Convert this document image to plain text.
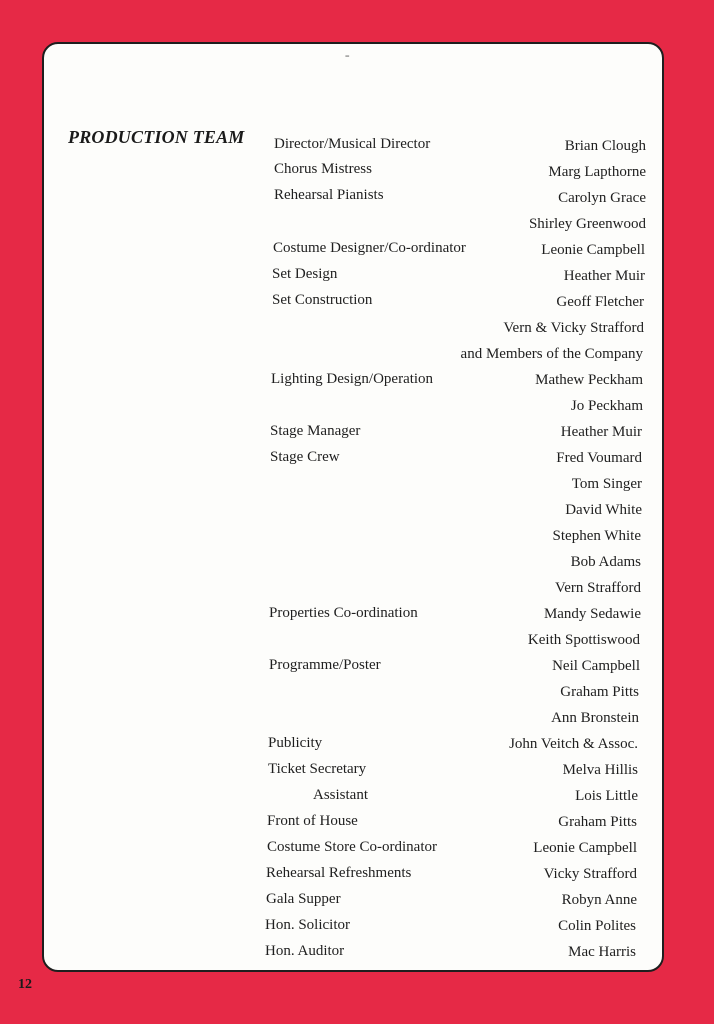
=
PRODUCTION TEAM Director/Musical Director	Brian Clough
Chorus Mistress	Marg Lapthorne
Rehearsal Pianists	Carolyn Grace
Shirley Greenwood
Costume Designer/Co-ordinator	Leonie Campbell
Set Design	Heather Muir
Set Construction	Geoff Fletcher
Vern & Vicky Strafford
and Members of the Company
Lighting Design/Operation	Mathew Peckham
Jo Peckham
Stage Manager	Heather Muir
Stage Crew	Fred Voumard
Tom Singer
David White
Stephen White
Bob Adams
Vern Strafford
Properties Co-ordination	Mandy Sedawie
Keith Spottiswood
Programme/Poster	Neil Campbell
Graham Pitts
Ann Bronstein
Publicity	John Veitch & Assoc.
Ticket Secretary	Melva Hillis
Assistant	Lois Little
Front of House	Graham Pitts
Costume Store Co-ordinator	Leonie Campbell
Rehearsal Refreshments	Vicky Strafford
Gala Supper	Robyn Anne
Hon. Solicitor	Colin Polites
Hon. Auditor	Mac Harris
12
